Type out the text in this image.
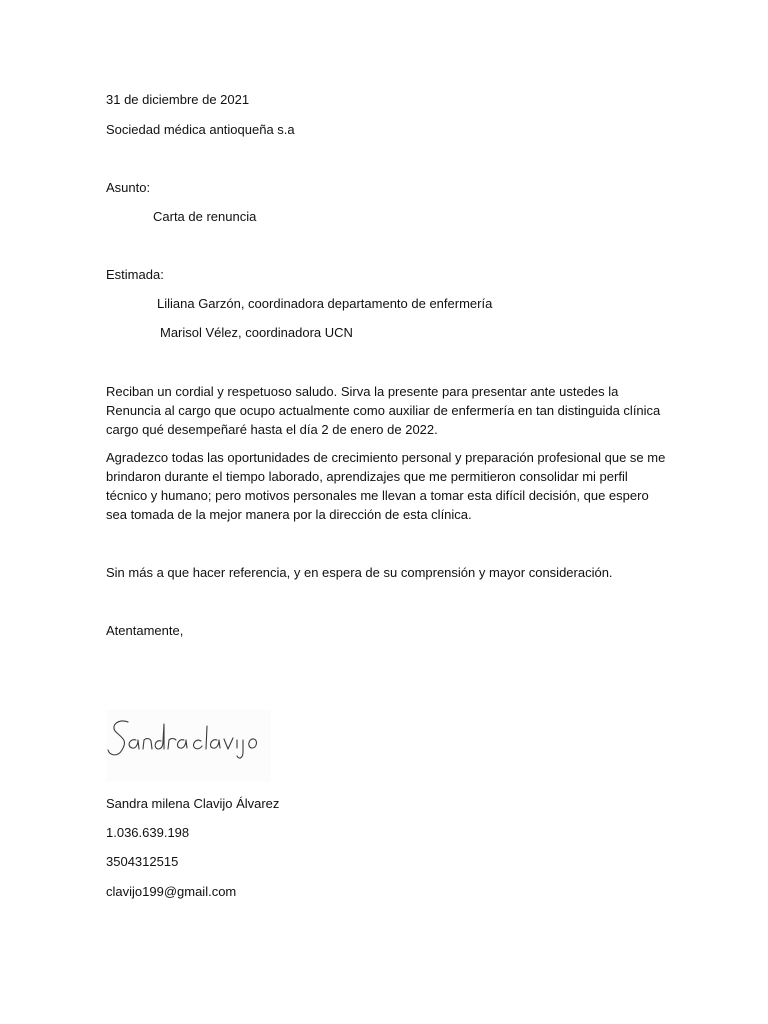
31 de diciembre de 2021
Sociedad médica antioqueña s.a
Asunto:
Carta de renuncia
Estimada:
Liliana Garzón, coordinadora departamento de enfermería
Marisol Vélez, coordinadora UCN
Reciban un cordial y respetuoso saludo. Sirva la presente para presentar ante ustedes la Renuncia al cargo que ocupo actualmente como auxiliar de enfermería en tan distinguida clínica cargo qué desempeñaré hasta el día 2 de enero de 2022.
Agradezco todas las oportunidades de crecimiento personal y preparación profesional que se me brindaron durante el tiempo laborado, aprendizajes que me permitieron consolidar mi perfil técnico y humano; pero motivos personales me llevan a tomar esta difícil decisión, que espero sea tomada de la mejor manera por la dirección de esta clínica.
Sin más a que hacer referencia, y en espera de su comprensión y mayor consideración.
Atentamente,
Sandra milena Clavijo Álvarez
1.036.639.198
3504312515
clavijo199@gmail.com
